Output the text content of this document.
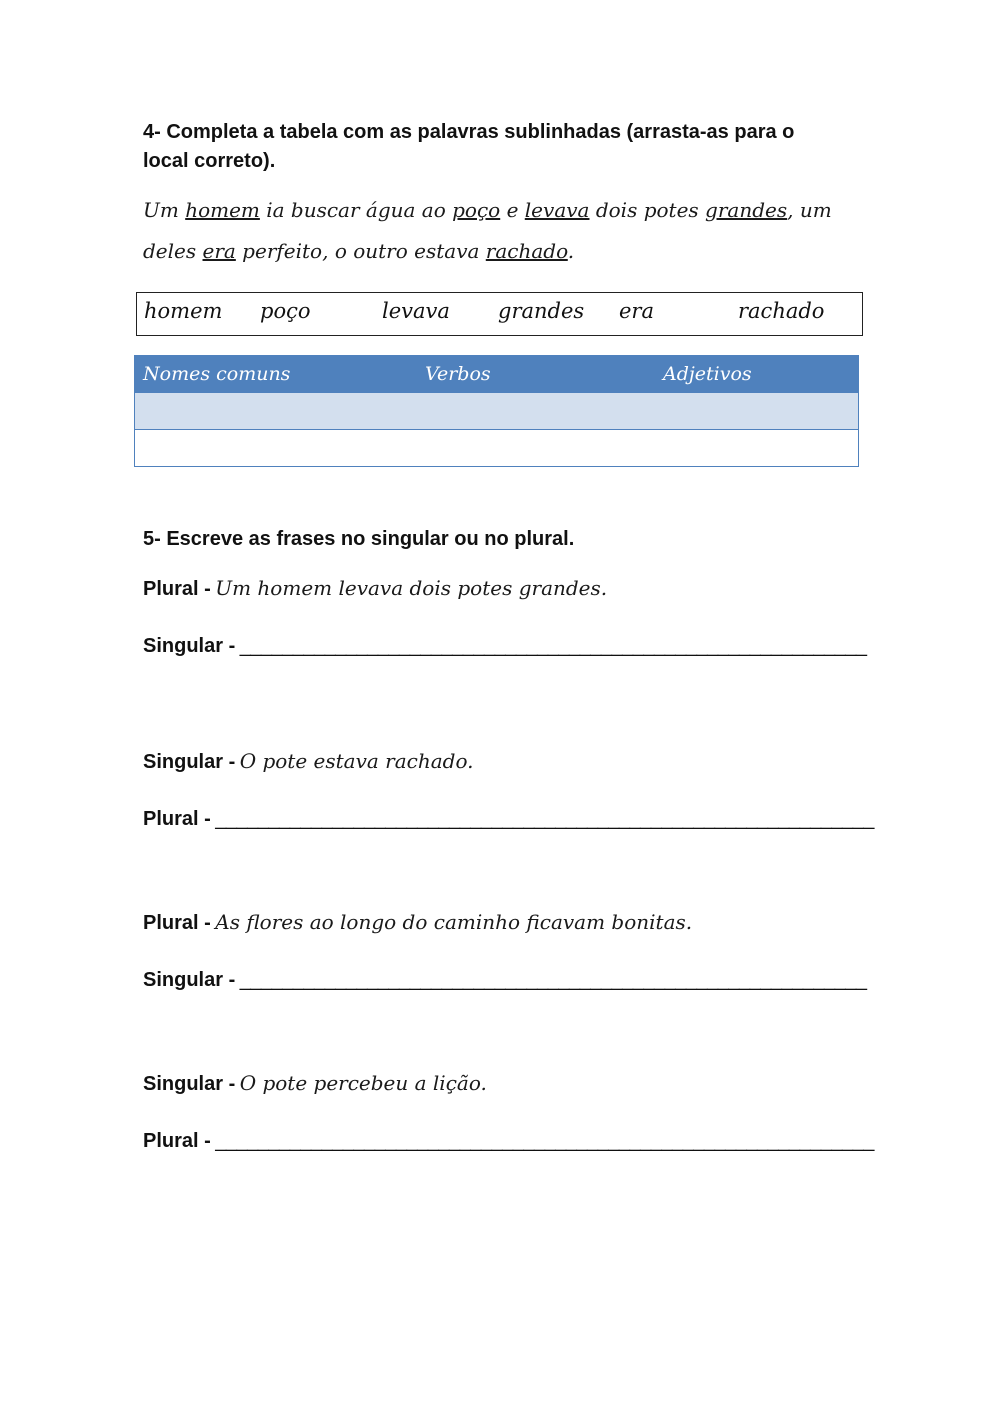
4- Completa a tabela com as palavras sublinhadas (arrasta-as para o
local correto).
Um homem ia buscar água ao poço e levava dois potes grandes, um
deles era perfeito, o outro estava rachado.
homem poço	levava grandes era	rachado
Nomes comuns	Verbos	Adjetivos
5- Escreve as frases no singular ou no plural.
Plural - Um homem levava dois potes grandes.
Singular - ___________________________________________________________
Singular - O pote estava rachado.
Plural - ______________________________________________________________
Plural - As flores ao longo do caminho ficavam bonitas.
Singular - ___________________________________________________________
Singular - O pote percebeu a lição.
Plural - ______________________________________________________________
